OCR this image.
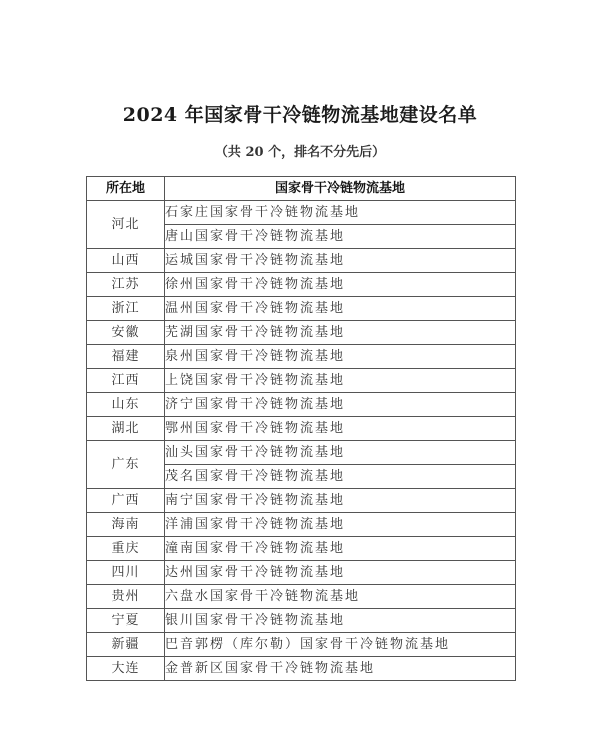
2024 年国家骨干冷链物流基地建设名单
（共 20 个，排名不分先后）
所在地	国家骨干冷链物流基地
河北	石家庄国家骨干冷链物流基地
	唐山国家骨干冷链物流基地
山西	运城国家骨干冷链物流基地
江苏	徐州国家骨干冷链物流基地
浙江	温州国家骨干冷链物流基地
安徽	芜湖国家骨干冷链物流基地
福建	泉州国家骨干冷链物流基地
江西	上饶国家骨干冷链物流基地
山东	济宁国家骨干冷链物流基地
湖北	鄂州国家骨干冷链物流基地
广东	汕头国家骨干冷链物流基地
	茂名国家骨干冷链物流基地
广西	南宁国家骨干冷链物流基地
海南	洋浦国家骨干冷链物流基地
重庆	潼南国家骨干冷链物流基地
四川	达州国家骨干冷链物流基地
贵州	六盘水国家骨干冷链物流基地
宁夏	银川国家骨干冷链物流基地
新疆	巴音郭楞（库尔勒）国家骨干冷链物流基地
大连	金普新区国家骨干冷链物流基地
